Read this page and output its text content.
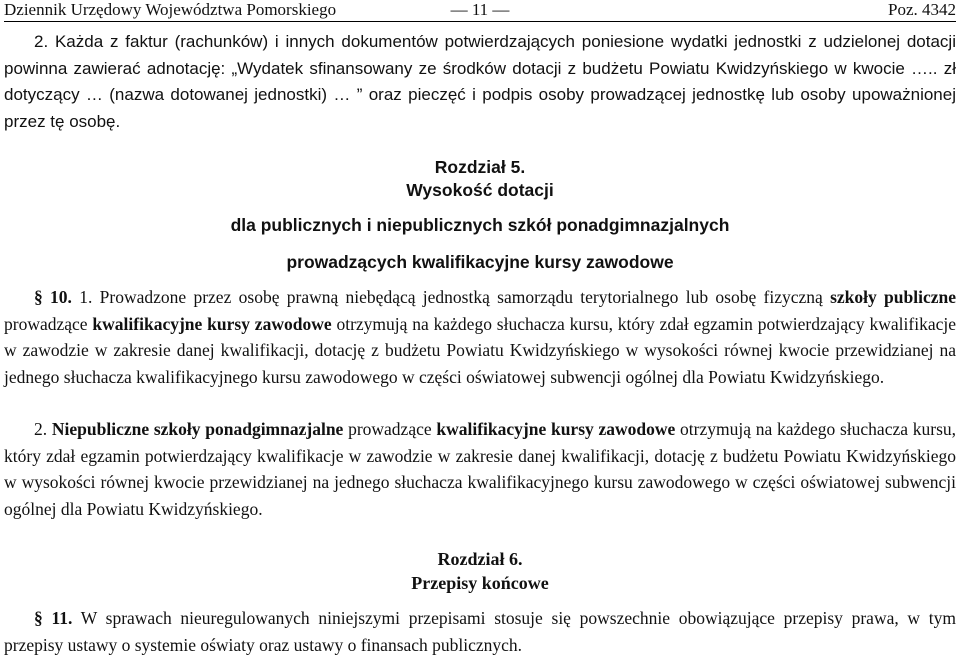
Dziennik Urzędowy Województwa Pomorskiego	— 11 —	Poz. 4342
2. Każda z faktur (rachunków) i innych dokumentów potwierdzających poniesione wydatki jednostki z udzielonej dotacji powinna zawierać adnotację: „Wydatek sfinansowany ze środków dotacji z budżetu Powiatu Kwidzyńskiego w kwocie ….. zł dotyczący … (nazwa dotowanej jednostki) … ” oraz pieczęć i podpis osoby prowadzącej jednostkę lub osoby upoważnionej przez tę osobę.
Rozdział 5.
Wysokość dotacji
dla publicznych i niepublicznych szkół ponadgimnazjalnych
prowadzących kwalifikacyjne kursy zawodowe
§ 10. 1. Prowadzone przez osobę prawną niebędącą jednostką samorządu terytorialnego lub osobę fizyczną szkoły publiczne prowadzące kwalifikacyjne kursy zawodowe otrzymują na każdego słuchacza kursu, który zdał egzamin potwierdzający kwalifikacje w zawodzie w zakresie danej kwalifikacji, dotację z budżetu Powiatu Kwidzyńskiego w wysokości równej kwocie przewidzianej na jednego słuchacza kwalifikacyjnego kursu zawodowego w części oświatowej subwencji ogólnej dla Powiatu Kwidzyńskiego.
2. Niepubliczne szkoły ponadgimnazjalne prowadzące kwalifikacyjne kursy zawodowe otrzymują na każdego słuchacza kursu, który zdał egzamin potwierdzający kwalifikacje w zawodzie w zakresie danej kwalifikacji, dotację z budżetu Powiatu Kwidzyńskiego w wysokości równej kwocie przewidzianej na jednego słuchacza kwalifikacyjnego kursu zawodowego w części oświatowej subwencji ogólnej dla Powiatu Kwidzyńskiego.
Rozdział 6.
Przepisy końcowe
§ 11. W sprawach nieuregulowanych niniejszymi przepisami stosuje się powszechnie obowiązujące przepisy prawa, w tym przepisy ustawy o systemie oświaty oraz ustawy o finansach publicznych.
